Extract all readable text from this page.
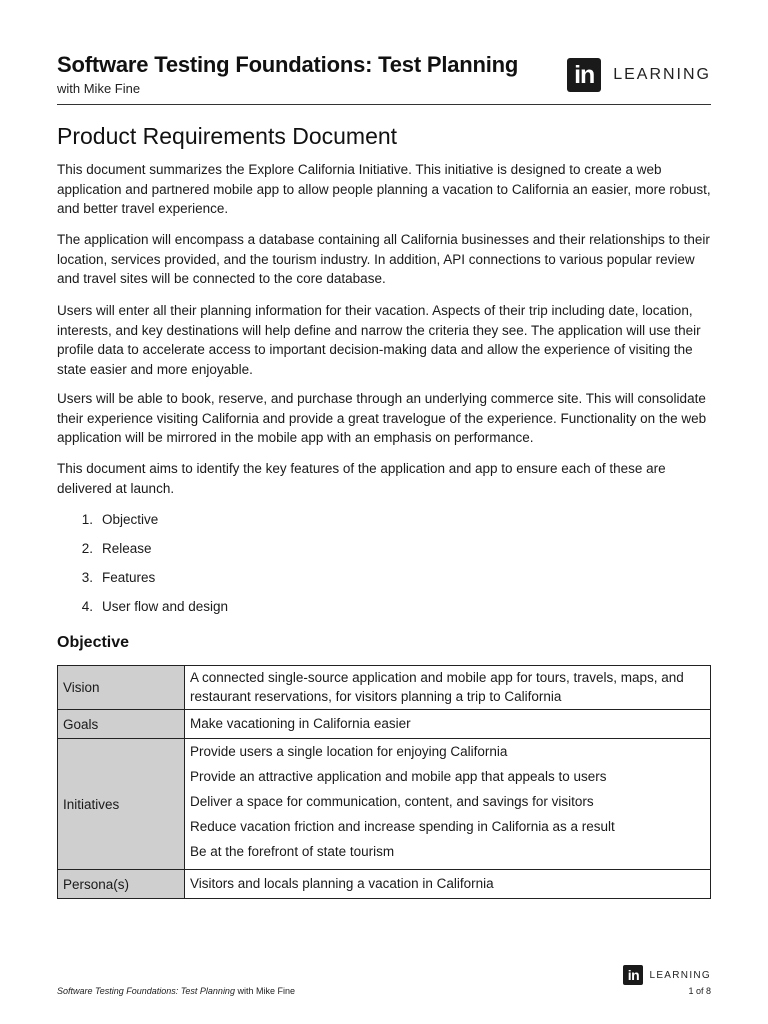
Software Testing Foundations: Test Planning
with Mike Fine	in	LEARNING
Product Requirements Document

This document summarizes the Explore California Initiative. This initiative is designed to create a web application and partnered mobile app to allow people planning a vacation to California an easier, more robust, and better travel experience.

The application will encompass a database containing all California businesses and their relationships to their location, services provided, and the tourism industry. In addition, API connections to various popular review and travel sites will be connected to the core database.

Users will enter all their planning information for their vacation. Aspects of their trip including date, location, interests, and key destinations will help define and narrow the criteria they see. The application will use their profile data to accelerate access to important decision-making data and allow the experience of visiting the state easier and more enjoyable.

Users will be able to book, reserve, and purchase through an underlying commerce site. This will consolidate their experience visiting California and provide a great travelogue of the experience. Functionality on the web application will be mirrored in the mobile app with an emphasis on performance.

This document aims to identify the key features of the application and app to ensure each of these are delivered at launch.

1. Objective
2. Release
3. Features
4. User flow and design
Objective
Vision	A connected single-source application and mobile app for tours, travels, maps, and restaurant reservations, for visitors planning a trip to California
Goals	Make vacationing in California easier
Initiatives	Provide users a single location for enjoying California
Provide an attractive application and mobile app that appeals to users
Deliver a space for communication, content, and savings for visitors
Reduce vacation friction and increase spending in California as a result
Be at the forefront of state tourism

Persona(s)	Visitors and locals planning a vacation in California
in	LEARNING
Software Testing Foundations: Test Planning with Mike Fine	1 of 8
